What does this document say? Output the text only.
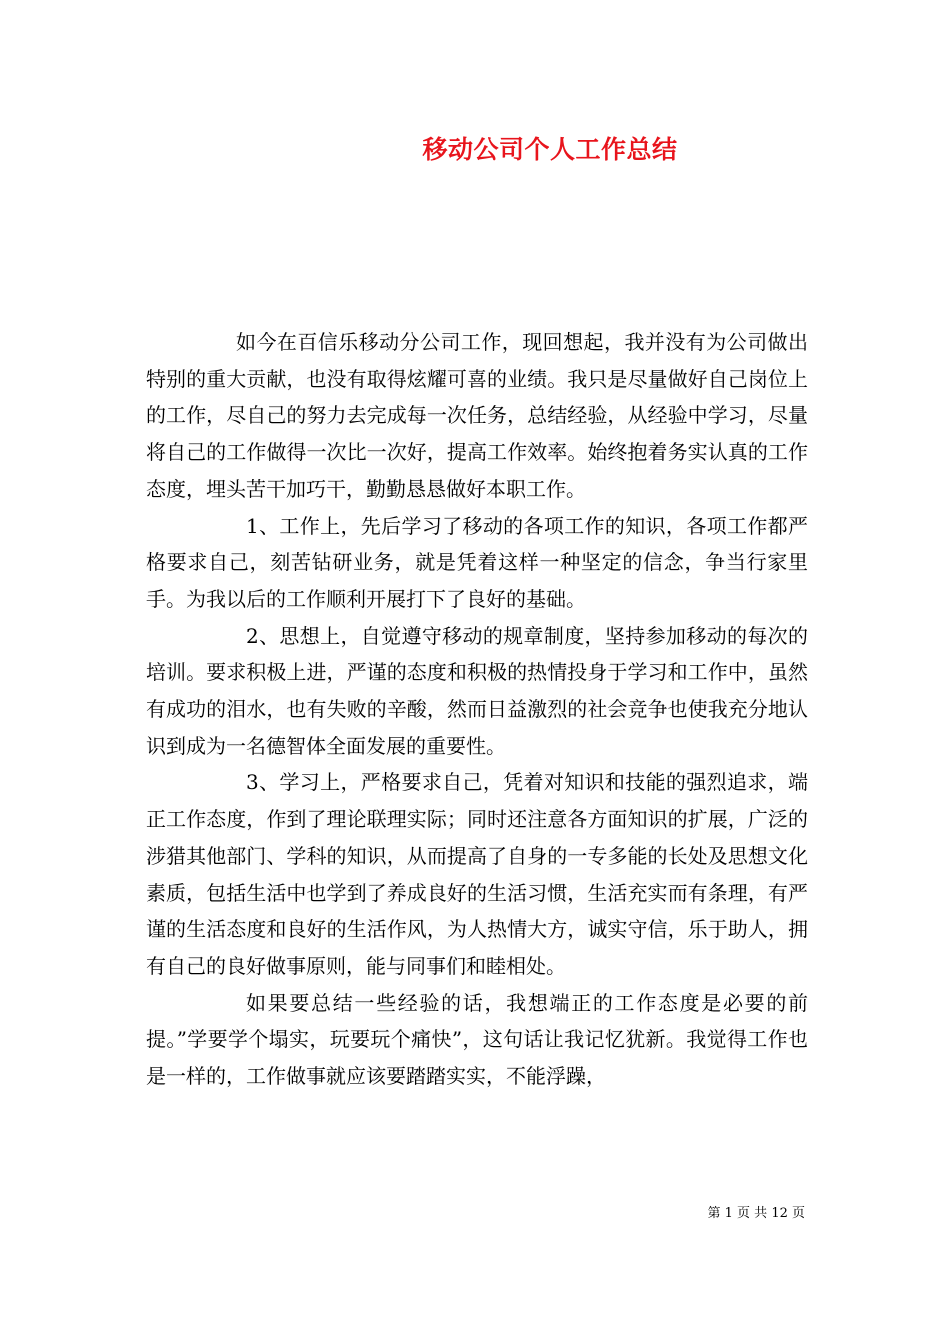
移动公司个人工作总结

如今在百信乐移动分公司工作，现回想起，我并没有为公司做出特别的重大贡献，也没有取得炫耀可喜的业绩。我只是尽量做好自己岗位上的工作，尽自己的努力去完成每一次任务，总结经验，从经验中学习，尽量将自己的工作做得一次比一次好，提高工作效率。始终抱着务实认真的工作态度，埋头苦干加巧干，勤勤恳恳做好本职工作。

1、工作上，先后学习了移动的各项工作的知识，各项工作都严格要求自己，刻苦钻研业务，就是凭着这样一种坚定的信念，争当行家里手。为我以后的工作顺利开展打下了良好的基础。

2、思想上，自觉遵守移动的规章制度，坚持参加移动的每次的培训。要求积极上进，严谨的态度和积极的热情投身于学习和工作中，虽然有成功的泪水，也有失败的辛酸，然而日益激烈的社会竞争也使我充分地认识到成为一名德智体全面发展的重要性。

3、学习上，严格要求自己，凭着对知识和技能的强烈追求，端正工作态度，作到了理论联理实际；同时还注意各方面知识的扩展，广泛的涉猎其他部门、学科的知识，从而提高了自身的一专多能的长处及思想文化素质，包括生活中也学到了养成良好的生活习惯，生活充实而有条理，有严谨的生活态度和良好的生活作风，为人热情大方，诚实守信，乐于助人，拥有自己的良好做事原则，能与同事们和睦相处。

如果要总结一些经验的话，我想端正的工作态度是必要的前提。”学要学个塌实，玩要玩个痛快”，这句话让我记忆犹新。我觉得工作也是一样的，工作做事就应该要踏踏实实，不能浮躁，

第 1 页 共 12 页
